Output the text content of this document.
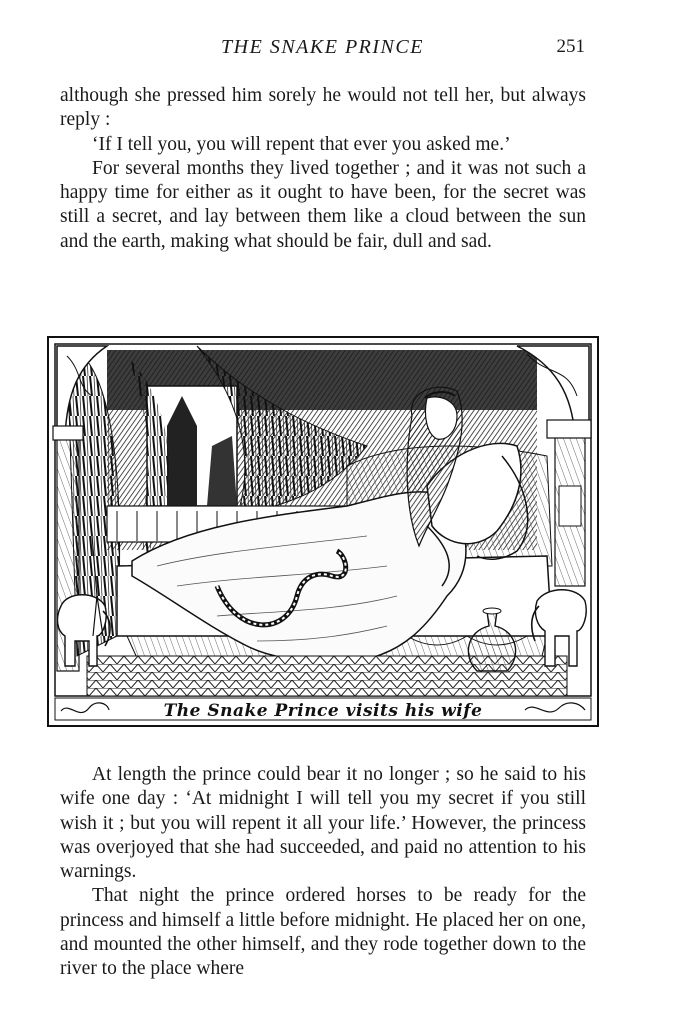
THE SNAKE PRINCE	251

although she pressed him sorely he would not tell her, but always reply :

‘If I tell you, you will repent that ever you asked me.’

For several months they lived together ; and it was not such a happy time for either as it ought to have been, for the secret was still a secret, and lay between them like a cloud between the sun and the earth, making what should be fair, dull and sad.

The Snake Prince visits his wife

At length the prince could bear it no longer ; so he said to his wife one day : ‘At midnight I will tell you my secret if you still wish it ; but you will repent it all your life.’ However, the princess was overjoyed that she had succeeded, and paid no attention to his warnings.

That night the prince ordered horses to be ready for the princess and himself a little before midnight. He placed her on one, and mounted the other himself, and they rode together down to the river to the place where
